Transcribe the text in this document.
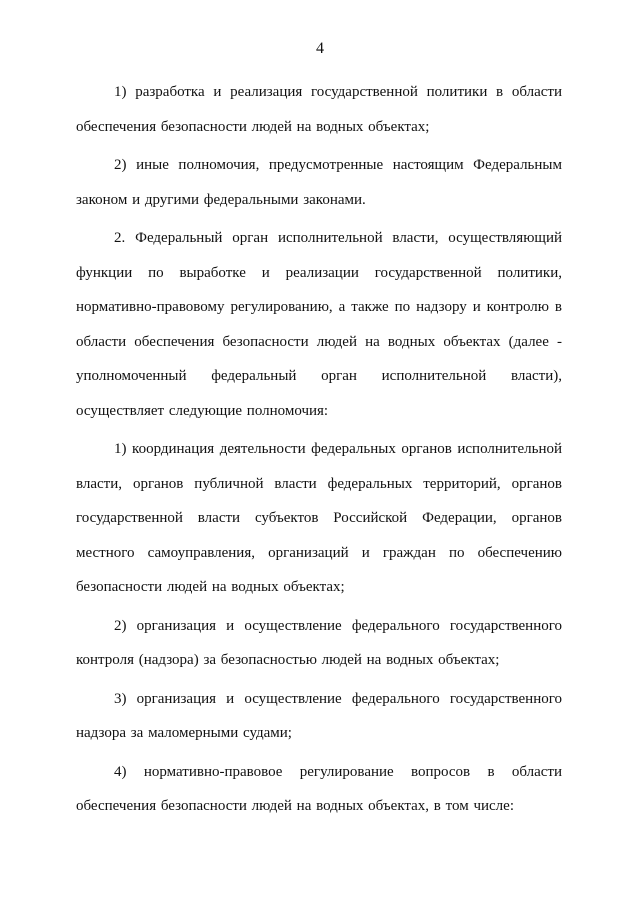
4

1) разработка и реализация государственной политики в области обеспечения безопасности людей на водных объектах;

2) иные полномочия, предусмотренные настоящим Федеральным законом и другими федеральными законами.

2. Федеральный орган исполнительной власти, осуществляющий функции по выработке и реализации государственной политики, нормативно-правовому регулированию, а также по надзору и контролю в области обеспечения безопасности людей на водных объектах (далее - уполномоченный федеральный орган исполнительной власти), осуществляет следующие полномочия:

1) координация деятельности федеральных органов исполнительной власти, органов публичной власти федеральных территорий, органов государственной власти субъектов Российской Федерации, органов местного самоуправления, организаций и граждан по обеспечению безопасности людей на водных объектах;

2) организация и осуществление федерального государственного контроля (надзора) за безопасностью людей на водных объектах;

3) организация и осуществление федерального государственного надзора за маломерными судами;

4) нормативно-правовое регулирование вопросов в области обеспечения безопасности людей на водных объектах, в том числе:
